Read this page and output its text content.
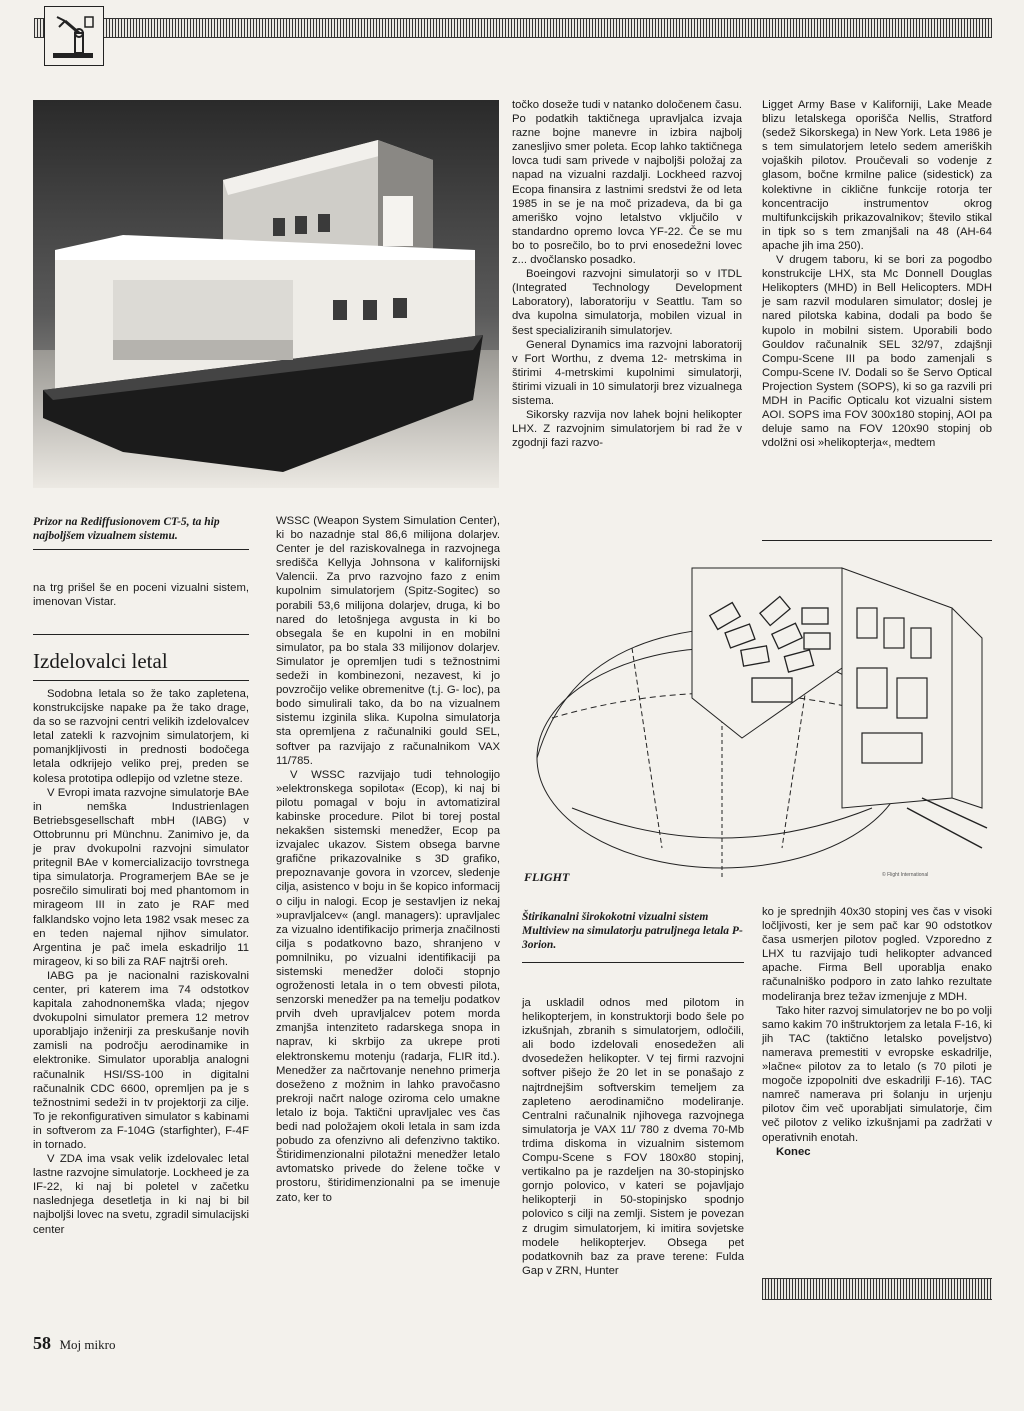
Prizor na Rediffusionovem CT-5, ta hip najboljšem vizualnem sistemu.

na trg prišel še en poceni vizualni sistem, imenovan Vistar.

Izdelovalci letal

Sodobna letala so že tako zapletena, konstrukcijske napake pa že tako drage, da so se razvojni centri velikih izdelovalcev letal zatekli k razvojnim simulatorjem, ki pomanjkljivosti in prednosti bodočega letala odkrijejo veliko prej, preden se kolesa prototipa odlepijo od vzletne steze.

V Evropi imata razvojne simulatorje BAe in nemška Industrienlagen Betriebsgesellschaft mbH (IABG) v Ottobrunnu pri Münchnu. Zanimivo je, da je prav dvokupolni razvojni simulator pritegnil BAe v komercializacijo tovrstnega tipa simulatorja. Programerjem BAe se je posrečilo simulirati boj med phantomom in mirageom III in zato je RAF med falklandsko vojno leta 1982 vsak mesec za en teden najemal njihov simulator. Argentina je pač imela eskadriljo 11 mirageov, ki so bili za RAF najtrši oreh.

IABG pa je nacionalni raziskovalni center, pri katerem ima 74 odstotkov kapitala zahodnonemška vlada; njegov dvokupolni simulator premera 12 metrov uporabljajo inženirji za preskušanje novih zamisli na področju aerodinamike in elektronike. Simulator uporablja analogni računalnik HSI/SS-100 in digitalni računalnik CDC 6600, opremljen pa je s težnostnimi sedeži in tv projektorji za cilje. To je rekonfigurativen simulator s kabinami in softverom za F-104G (starfighter), F-4F in tornado.

V ZDA ima vsak velik izdelovalec letal lastne razvojne simulatorje. Lockheed je za IF-22, ki naj bi poletel v začetku naslednjega desetletja in ki naj bi bil najboljši lovec na svetu, zgradil simulacijski center

WSSC (Weapon System Simulation Center), ki bo nazadnje stal 86,6 milijona dolarjev. Center je del raziskovalnega in razvojnega središča Kellyja Johnsona v kalifornijski Valencii. Za prvo razvojno fazo z enim kupolnim simulatorjem (Spitz-Sogitec) so porabili 53,6 milijona dolarjev, druga, ki bo nared do letošnjega avgusta in ki bo obsegala še en kupolni in en mobilni simulator, pa bo stala 33 milijonov dolarjev. Simulator je opremljen tudi s težnostnimi sedeži in kombinezoni, nezavest, ki jo povzročijo velike obremenitve (t.j. G- loc), pa bodo simulirali tako, da bo na vizualnem sistemu izginila slika. Kupolna simulatorja sta opremljena z računalniki gould SEL, softver pa razvijajo z računalnikom VAX 11/785.

V WSSC razvijajo tudi tehnologijo »elektronskega sopilota« (Ecop), ki naj bi pilotu pomagal v boju in avtomatiziral kabinske procedure. Pilot bi torej postal nekakšen sistemski menedžer, Ecop pa izvajalec ukazov. Sistem obsega barvne grafične prikazovalnike s 3D grafiko, prepoznavanje govora in vzorcev, sledenje cilja, asistenco v boju in še kopico informacij o cilju in nalogi. Ecop je sestavljen iz nekaj »upravljalcev« (angl. managers): upravljalec za vizualno identifikacijo primerja značilnosti cilja s podatkovno bazo, shranjeno v pomnilniku, po vizualni identifikaciji pa sistemski menedžer določi stopnjo ogroženosti letala in o tem obvesti pilota, senzorski menedžer pa na temelju podatkov prvih dveh upravljalcev potem morda zmanjša intenziteto radarskega snopa in naprav, ki skrbijo za ukrepe proti elektronskemu motenju (radarja, FLIR itd.). Menedžer za načrtovanje nenehno primerja doseženo z možnim in lahko pravočasno prekroji načrt naloge oziroma celo umakne letalo iz boja. Taktični upravljalec ves čas bedi nad položajem okoli letala in sam izda pobudo za ofenzivno ali defenzivno taktiko. Štiridimenzionalni pilotažni menedžer letalo avtomatsko privede do želene točke v prostoru, štiridimenzionalni pa se imenuje zato, ker to

točko doseže tudi v natanko določenem času. Po podatkih taktičnega upravljalca izvaja razne bojne manevre in izbira najbolj zanesljivo smer poleta. Ecop lahko taktičnega lovca tudi sam privede v najboljši položaj za napad na vizualni razdalji. Lockheed razvoj Ecopa finansira z lastnimi sredstvi že od leta 1985 in se je na moč prizadeva, da bi ga ameriško vojno letalstvo vključilo v standardno opremo lovca YF-22. Če se mu bo to posrečilo, bo to prvi enosedežni lovec z... dvočlansko posadko.

Boeingovi razvojni simulatorji so v ITDL (Integrated Technology Development Laboratory), laboratoriju v Seattlu. Tam so dva kupolna simulatorja, mobilen vizual in šest specializiranih simulatorjev.

General Dynamics ima razvojni laboratorij v Fort Worthu, z dvema 12- metrskima in štirimi 4-metrskimi kupolnimi simulatorji, štirimi vizuali in 10 simulatorji brez vizualnega sistema.

Sikorsky razvija nov lahek bojni helikopter LHX. Z razvojnim simulatorjem bi rad že v zgodnji fazi razvo-

Ligget Army Base v Kaliforniji, Lake Meade blizu letalskega oporišča Nellis, Stratford (sedež Sikorskega) in New York. Leta 1986 je s tem simulatorjem letelo sedem ameriških vojaških pilotov. Proučevali so vodenje z glasom, bočne krmilne palice (sidestick) za kolektivne in ciklične funkcije rotorja ter koncentracijo instrumentov okrog multifunkcijskih prikazovalnikov; število stikal in tipk so s tem zmanjšali na 48 (AH-64 apache jih ima 250).

V drugem taboru, ki se bori za pogodbo konstrukcije LHX, sta Mc Donnell Douglas Helikopters (MHD) in Bell Helicopters. MDH je sam razvil modularen simulator; doslej je nared pilotska kabina, dodali pa bodo še kupolo in mobilni sistem. Uporabili bodo Gouldov računalnik SEL 32/97, zdajšnji Compu-Scene III pa bodo zamenjali s Compu-Scene IV. Dodali so še Servo Optical Projection System (SOPS), ki so ga razvili pri MDH in Pacific Opticalu kot vizualni sistem AOI. SOPS ima FOV 300x180 stopinj, AOI pa deluje samo na FOV 120x90 stopinj ob vdolžni osi »helikopterja«, medtem

FLIGHT	© Flight International
Štirikanalni širokokotni vizualni sistem Multiview na simulatorju patruljnega letala P- 3orion.

ja uskladil odnos med pilotom in helikopterjem, in konstruktorji bodo šele po izkušnjah, zbranih s simulatorjem, odločili, ali bodo izdelovali enosedežen ali dvosedežen helikopter. V tej firmi razvojni softver pišejo že 20 let in se ponašajo z najtrdnejšim softverskim temeljem za zapleteno aerodinamično modeliranje. Centralni računalnik njihovega razvojnega simulatorja je VAX 11/ 780 z dvema 70-Mb trdima diskoma in vizualnim sistemom Compu-Scene s FOV 180x80 stopinj, vertikalno pa je razdeljen na 30-stopinjsko gornjo polovico, v kateri se pojavljajo helikopterji in 50-stopinjsko spodnjo polovico s cilji na zemlji. Sistem je povezan z drugim simulatorjem, ki imitira sovjetske modele helikopterjev. Obsega pet podatkovnih baz za prave terene: Fulda Gap v ZRN, Hunter

ko je sprednjih 40x30 stopinj ves čas v visoki ločljivosti, ker je sem pač kar 90 odstotkov časa usmerjen pilotov pogled. Vzporedno z LHX tu razvijajo tudi helikopter advanced apache. Firma Bell uporablja enako računalniško podporo in zato lahko rezultate modeliranja brez težav izmenjuje z MDH.

Tako hiter razvoj simulatorjev ne bo po volji samo kakim 70 inštruktorjem za letala F-16, ki jih TAC (taktično letalsko poveljstvo) namerava premestiti v evropske eskadrilje, »lačne« pilotov za to letalo (s 70 piloti je mogoče izpopolniti dve eskadrilji F-16). TAC namreč namerava pri šolanju in urjenju pilotov čim več uporabljati simulatorje, čim več pilotov z veliko izkušnjami pa zadržati v operativnih enotah.

Konec

58 Moj mikro
